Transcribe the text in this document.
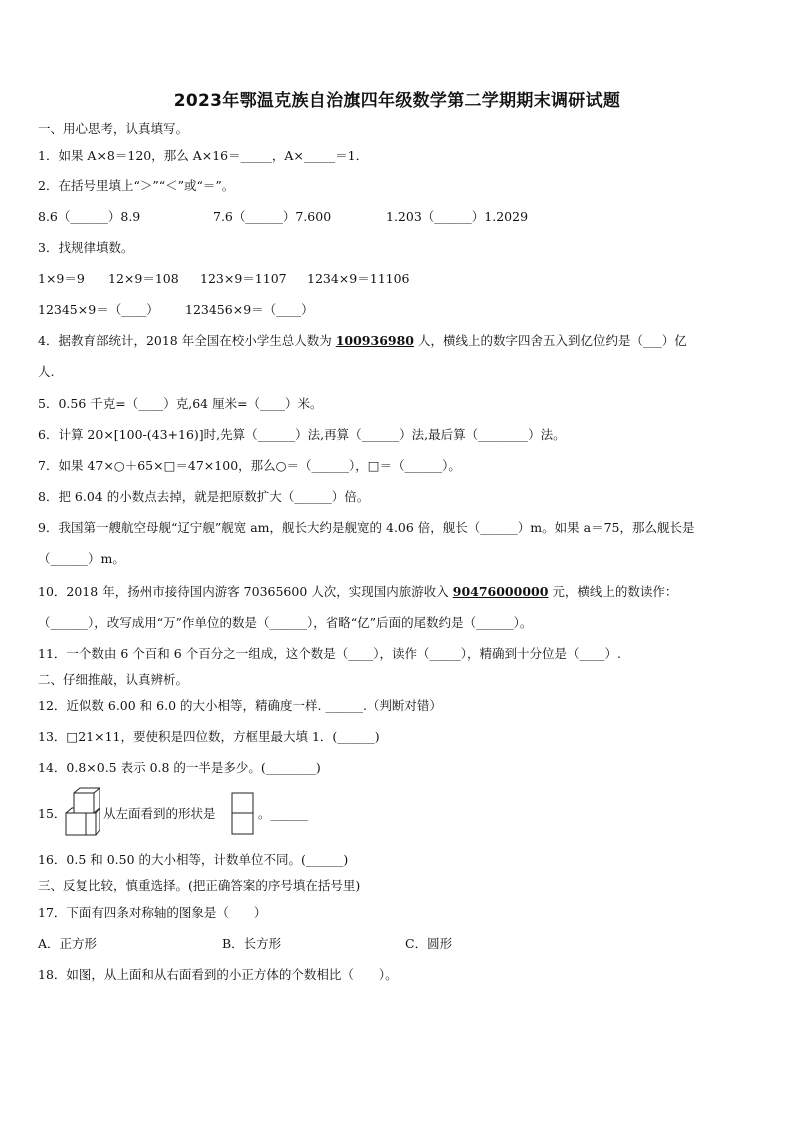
2023年鄂温克族自治旗四年级数学第二学期期末调研试题
一、用心思考，认真填写。
1．如果 A×8＝120，那么 A×16＝_____，A×_____＝1．
2．在括号里填上“＞”“＜”或“＝”。
8.6（______）8.9	7.6（______）7.600	1.203（______）1.2029
3．找规律填数。
1×9＝9 12×9＝108 123×9＝1107 1234×9＝11106
12345×9＝（____） 123456×9＝（____）
4．据教育部统计，2018 年全国在校小学生总人数为 100936980 人，横线上的数字四舍五入到亿位约是（___）亿
人.
5．0.56 千克=（____）克,64 厘米=（____）米。
6．计算 20×[100-(43+16)]时,先算（______）法,再算（______）法,最后算（________）法。
7．如果 47×○＋65×□＝47×100，那么○＝（______），□＝（______）。
8．把 6.04 的小数点去掉，就是把原数扩大（______）倍。
9．我国第一艘航空母舰“辽宁舰”舰宽 am，舰长大约是舰宽的 4.06 倍，舰长（______）m。如果 a＝75，那么舰长是
（______）m。
10．2018 年，扬州市接待国内游客 70365600 人次，实现国内旅游收入 90476000000 元，横线上的数读作：
（______），改写成用“万”作单位的数是（______），省略“亿”后面的尾数约是（______）。
11．一个数由 6 个百和 6 个百分之一组成，这个数是（____），读作（_____），精确到十分位是（____）.
二、仔细推敲，认真辨析。
12．近似数 6.00 和 6.0 的大小相等，精确度一样. ______.（判断对错）
13．□21×11，要使积是四位数，方框里最大填 1．(______)
14．0.8×0.5 表示 0.8 的一半是多少。(________)
15．	从左面看到的形状是	。______
16．0.5 和 0.50 的大小相等，计数单位不同。(______)
三、反复比较，慎重选择。(把正确答案的序号填在括号里)
17．下面有四条对称轴的图象是（　　）
A．正方形	B．长方形	C．圆形
18．如图，从上面和从右面看到的小正方体的个数相比（　　）。
